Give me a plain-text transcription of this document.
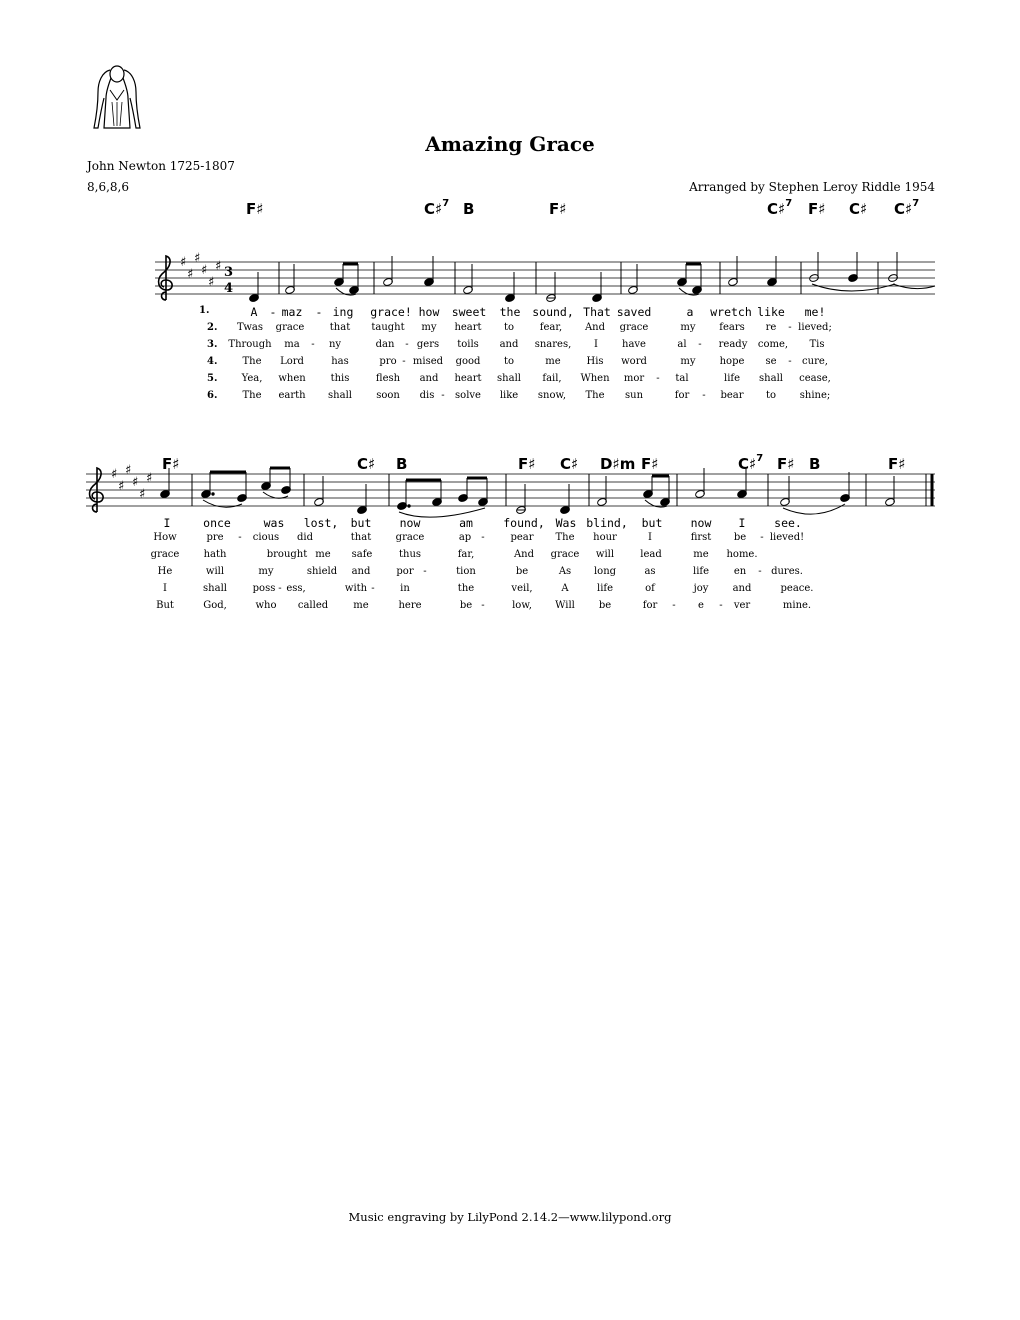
Amazing Grace
John Newton 1725-1807
8,6,8,6	Arranged by Stephen Leroy Riddle 1954
F♯	C♯$^7$ B	F♯	C♯$^7$ F♯ C♯ C♯$^7$
♯
♯
♯
♯
♯
♯ 3
4
1.	A - maz - ing grace! how sweet the sound, That saved	a wretch like me!
2. Twas grace	that taught my heart to	fear, And grace	my fears re - lieved;
3. Through ma - ny	dan - gers toils and snares, I have	al - ready come, Tis
4.	The Lord	has	pro - mised good to	me	His word	my hope se - cure,
5. Yea, when this	flesh and heart shall fail, When mor - tal	life shall cease,
6.	The earth shall soon dis - solve like snow, The sun	for - bear to shine;
F♯	C♯ B	F♯ C♯ D♯m F♯	C♯$^7$ F♯ B	F♯
♯
♯
♯
♯
♯
♯
I	once	was lost, but now	am	found, Was blind, but now I see.
How	pre - cious did	that grace	ap -	pear The hour	I	first be - lieved!
grace hath	brought me safe	thus	far,	And grace will	lead	me home.
He	will	my	shield and	por -	tion	be	As long	as	life en - dures.
I	shall	poss - ess,	with -	in	the	veil,	A	life	of	joy and	peace.
But	God,	who called	me	here	be -	low, Will be	for - e - ver	mine.
Music engraving by LilyPond 2.14.2—www.lilypond.org
